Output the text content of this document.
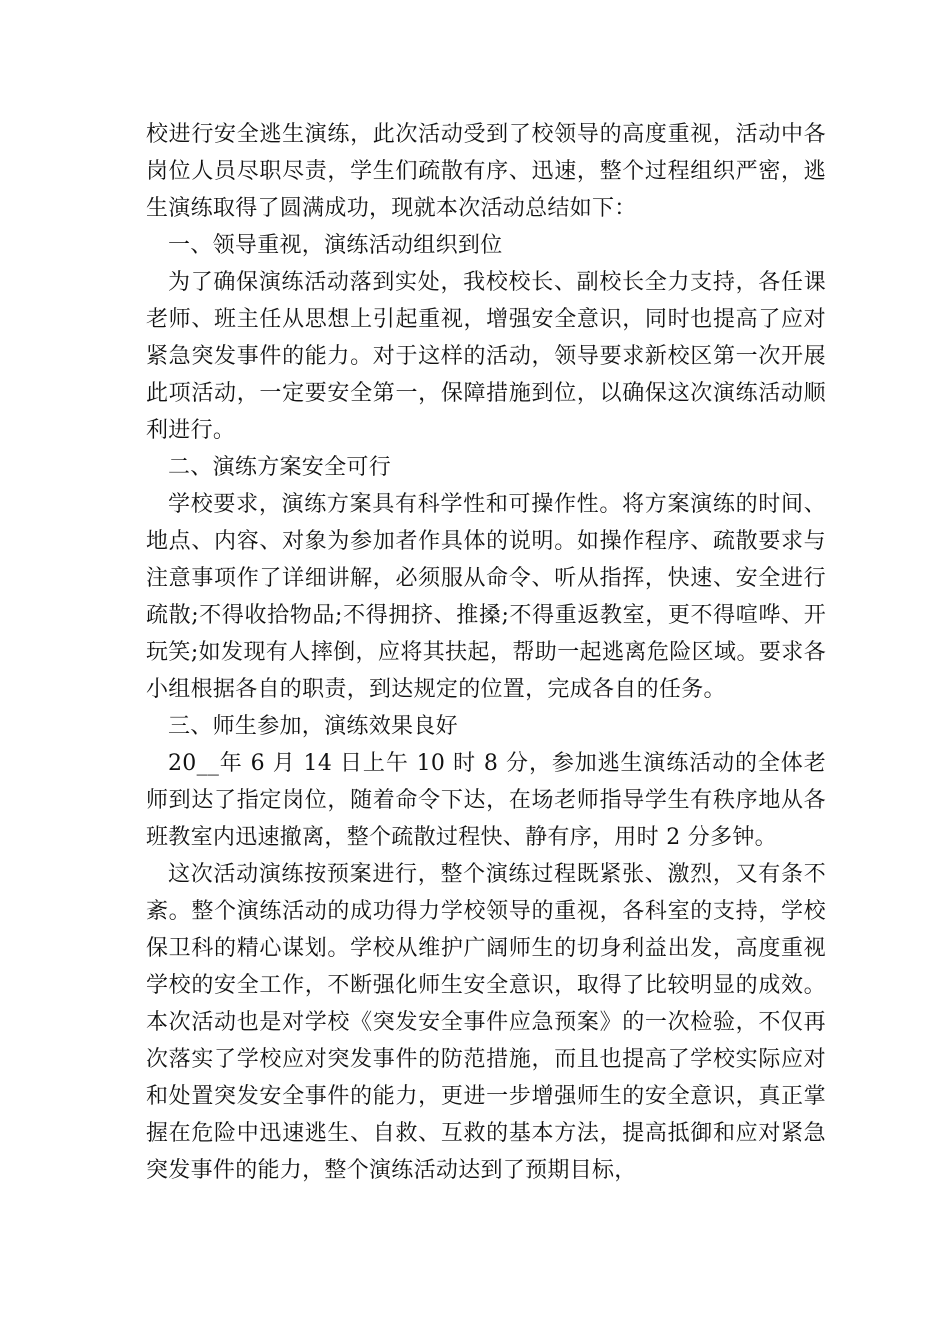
校进行安全逃生演练，此次活动受到了校领导的高度重视，活动中各岗位人员尽职尽责，学生们疏散有序、迅速，整个过程组织严密，逃生演练取得了圆满成功，现就本次活动总结如下：

一、领导重视，演练活动组织到位

为了确保演练活动落到实处，我校校长、副校长全力支持，各任课老师、班主任从思想上引起重视，增强安全意识，同时也提高了应对紧急突发事件的能力。对于这样的活动，领导要求新校区第一次开展此项活动，一定要安全第一，保障措施到位，以确保这次演练活动顺利进行。

二、演练方案安全可行

学校要求，演练方案具有科学性和可操作性。将方案演练的时间、地点、内容、对象为参加者作具体的说明。如操作程序、疏散要求与注意事项作了详细讲解，必须服从命令、听从指挥，快速、安全进行疏散;不得收拾物品;不得拥挤、推搡;不得重返教室，更不得喧哗、开玩笑;如发现有人摔倒，应将其扶起，帮助一起逃离危险区域。要求各小组根据各自的职责，到达规定的位置，完成各自的任务。

三、师生参加，演练效果良好

20__年 6 月 14 日上午 10 时 8 分，参加逃生演练活动的全体老师到达了指定岗位，随着命令下达，在场老师指导学生有秩序地从各班教室内迅速撤离，整个疏散过程快、静有序，用时 2 分多钟。

这次活动演练按预案进行，整个演练过程既紧张、激烈，又有条不紊。整个演练活动的成功得力学校领导的重视，各科室的支持，学校保卫科的精心谋划。学校从维护广阔师生的切身利益出发，高度重视学校的安全工作，不断强化师生安全意识，取得了比较明显的成效。本次活动也是对学校《突发安全事件应急预案》的一次检验，不仅再次落实了学校应对突发事件的防范措施，而且也提高了学校实际应对和处置突发安全事件的能力，更进一步增强师生的安全意识，真正掌握在危险中迅速逃生、自救、互救的基本方法，提高抵御和应对紧急突发事件的能力，整个演练活动达到了预期目标，
